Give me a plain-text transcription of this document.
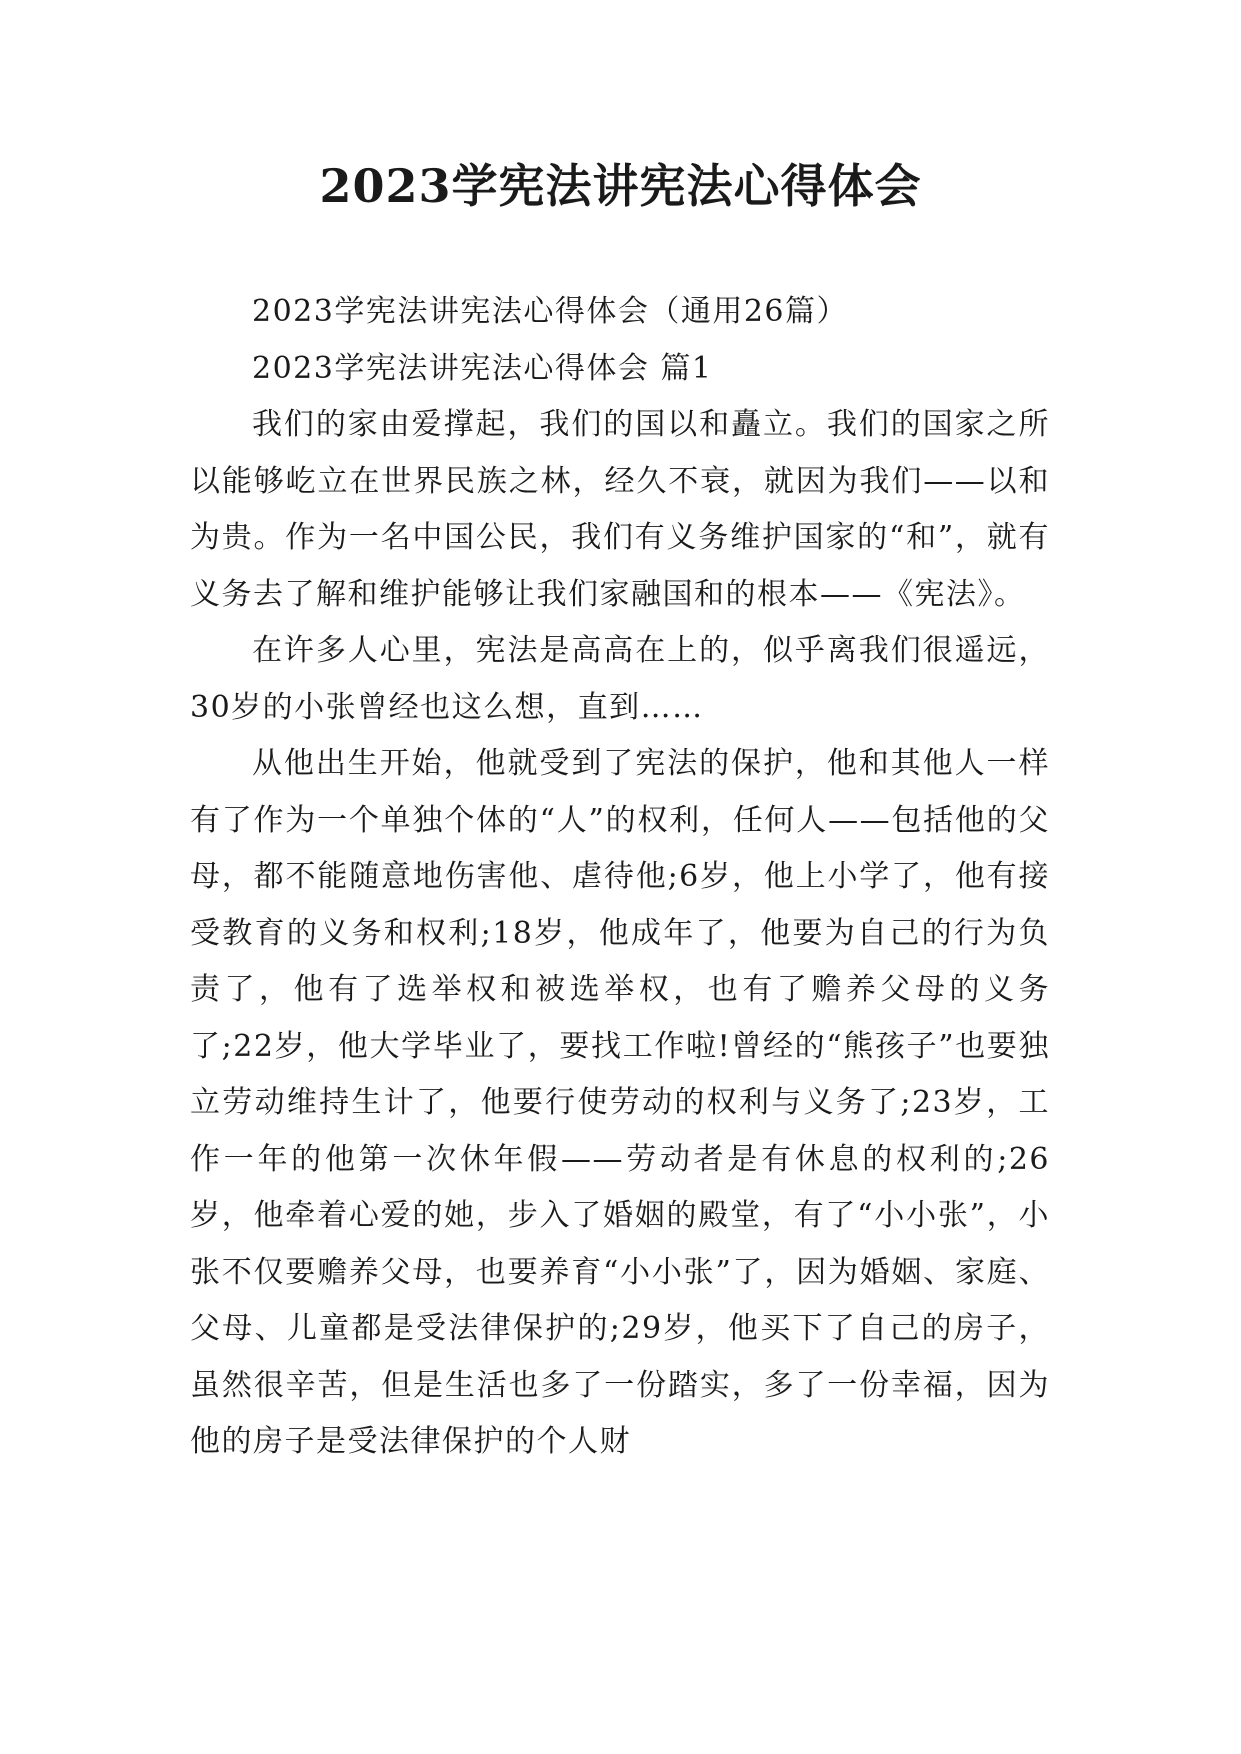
2023学宪法讲宪法心得体会

2023学宪法讲宪法心得体会（通用26篇）

2023学宪法讲宪法心得体会 篇1

我们的家由爱撑起，我们的国以和矗立。我们的国家之所以能够屹立在世界民族之林，经久不衰，就因为我们——以和为贵。作为一名中国公民，我们有义务维护国家的“和”，就有义务去了解和维护能够让我们家融国和的根本——《宪法》。

在许多人心里，宪法是高高在上的，似乎离我们很遥远，30岁的小张曾经也这么想，直到……

从他出生开始，他就受到了宪法的保护，他和其他人一样有了作为一个单独个体的“人”的权利，任何人——包括他的父母，都不能随意地伤害他、虐待他;6岁，他上小学了，他有接受教育的义务和权利;18岁，他成年了，他要为自己的行为负责了，他有了选举权和被选举权，也有了赡养父母的义务了;22岁，他大学毕业了，要找工作啦!曾经的“熊孩子”也要独立劳动维持生计了，他要行使劳动的权利与义务了;23岁，工作一年的他第一次休年假——劳动者是有休息的权利的;26岁，他牵着心爱的她，步入了婚姻的殿堂，有了“小小张”，小张不仅要赡养父母，也要养育“小小张”了，因为婚姻、家庭、父母、儿童都是受法律保护的;29岁，他买下了自己的房子，虽然很辛苦，但是生活也多了一份踏实，多了一份幸福，因为他的房子是受法律保护的个人财
